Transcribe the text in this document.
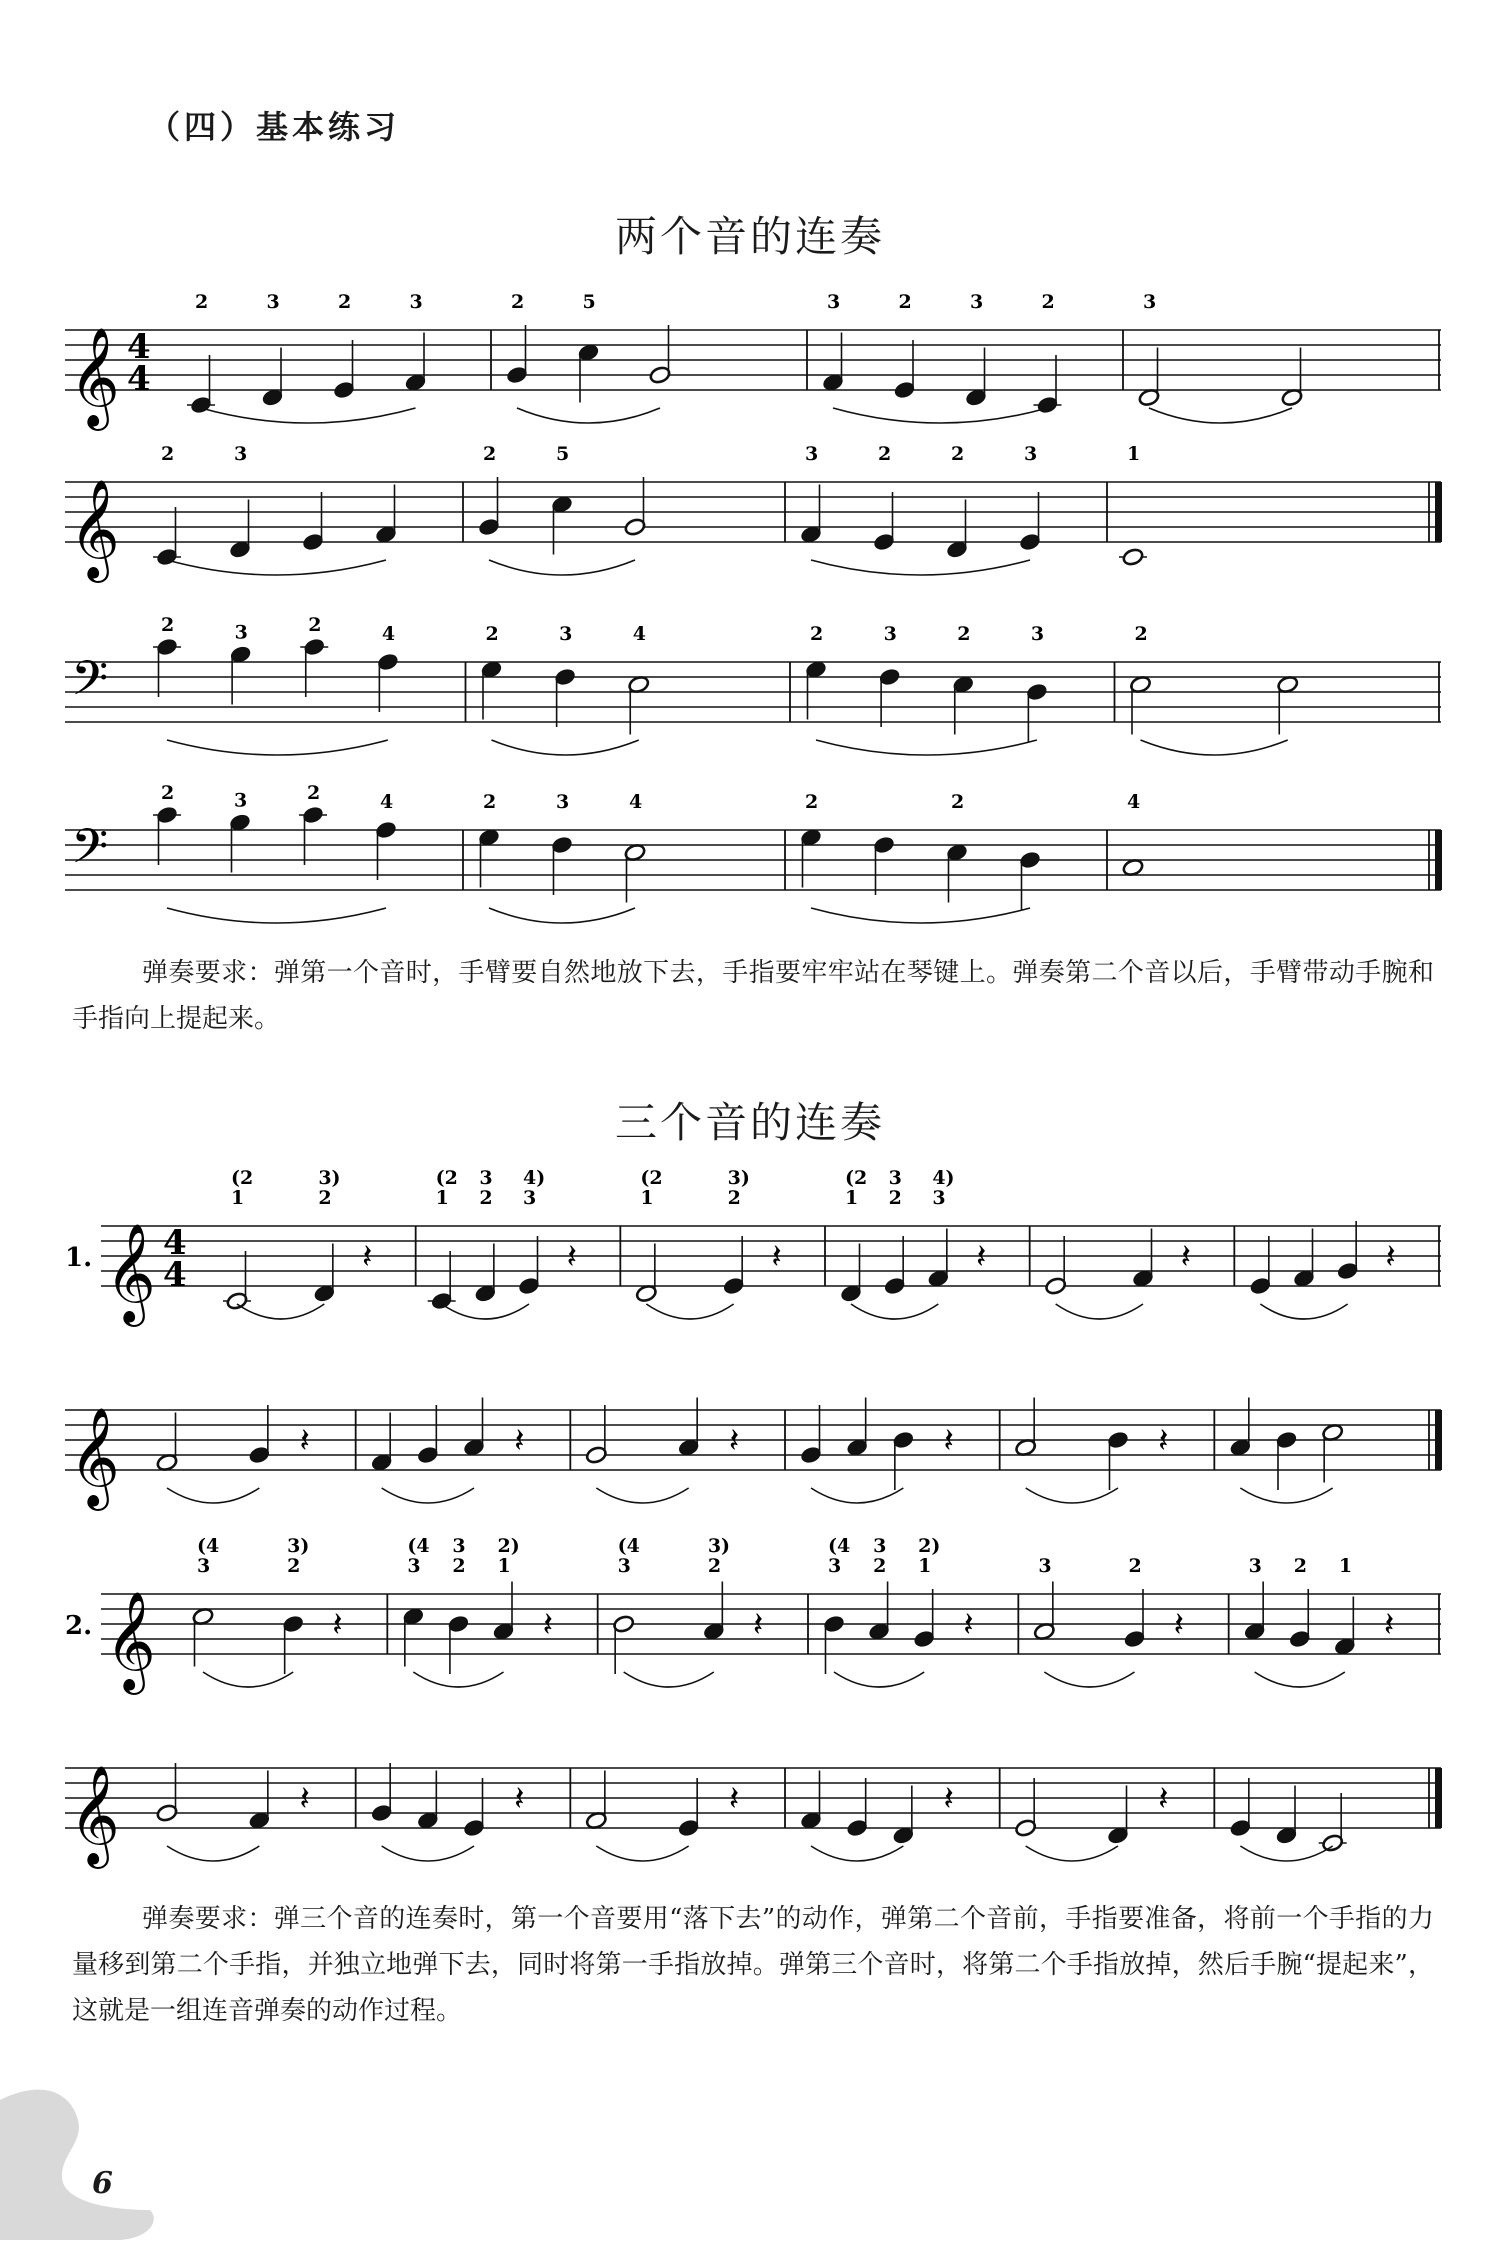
（四）基本练习
两个音的连奏
𝄞 4
4
2	3	2	3	2	5	3	2	3	2	3
𝄞
2	3	2	5	3	2	2	3	1
𝄢
2	3	2	4	2	3	4	2	3	2	3	2
𝄢
2	3	2	4	2	3	4	2	2	4
弹奏要求：弹第一个音时，手臂要自然地放下去，手指要牢牢站在琴键上。弹奏第二个音以后，手臂带动手腕和手指向上提起来。
三个音的连奏
1. 𝄞 4
4
1
(2
2
3)
𝄽
1
(2
2
3
3
4)
𝄽
1
(2
2
3)
𝄽
1
(2
2
3
3
4)
𝄽	𝄽	𝄽
𝄞	𝄽	𝄽	𝄽	𝄽	𝄽
2. 𝄞
3
(4
2
3)
𝄽
3
(4
2
3
1
2)
𝄽
3
(4
2
3)
𝄽
3
(4
2
3
1
2)
𝄽
3	2
𝄽
3 2 1
𝄽
𝄞	𝄽	𝄽	𝄽	𝄽	𝄽
弹奏要求：弹三个音的连奏时，第一个音要用“落下去”的动作，弹第二个音前，手指要准备，将前一个手指的力量移到第二个手指，并独立地弹下去，同时将第一手指放掉。弹第三个音时，将第二个手指放掉，然后手腕“提起来”，这就是一组连音弹奏的动作过程。
6
